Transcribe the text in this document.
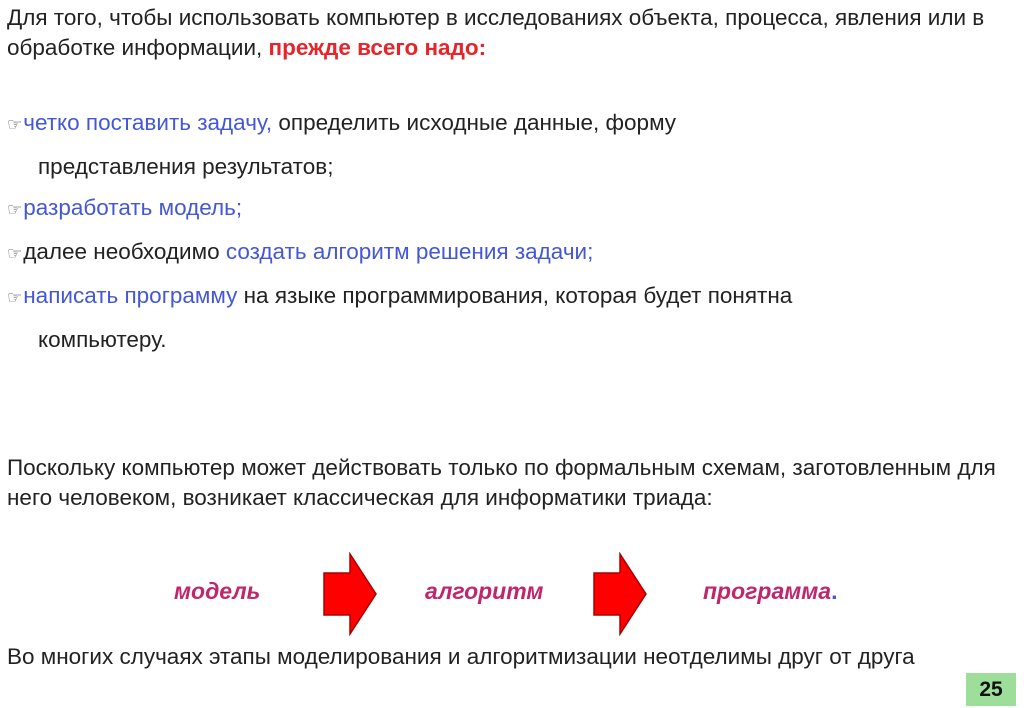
Для того, чтобы использовать компьютер в исследованиях объекта, процесса, явления или в обработке информации, прежде всего надо:

☞четко поставить задачу, определить исходные данные, форму
представления результатов;
☞разработать модель;
☞далее необходимо создать алгоритм решения задачи;
☞написать программу на языке программирования, которая будет понятна
компьютеру.

Поскольку компьютер может действовать только по формальным схемам, заготовленным для него человеком, возникает классическая для информатики триада:

модель	алгоритм	программа.

Во многих случаях этапы моделирования и алгоритмизации неотделимы друг от друга

25
